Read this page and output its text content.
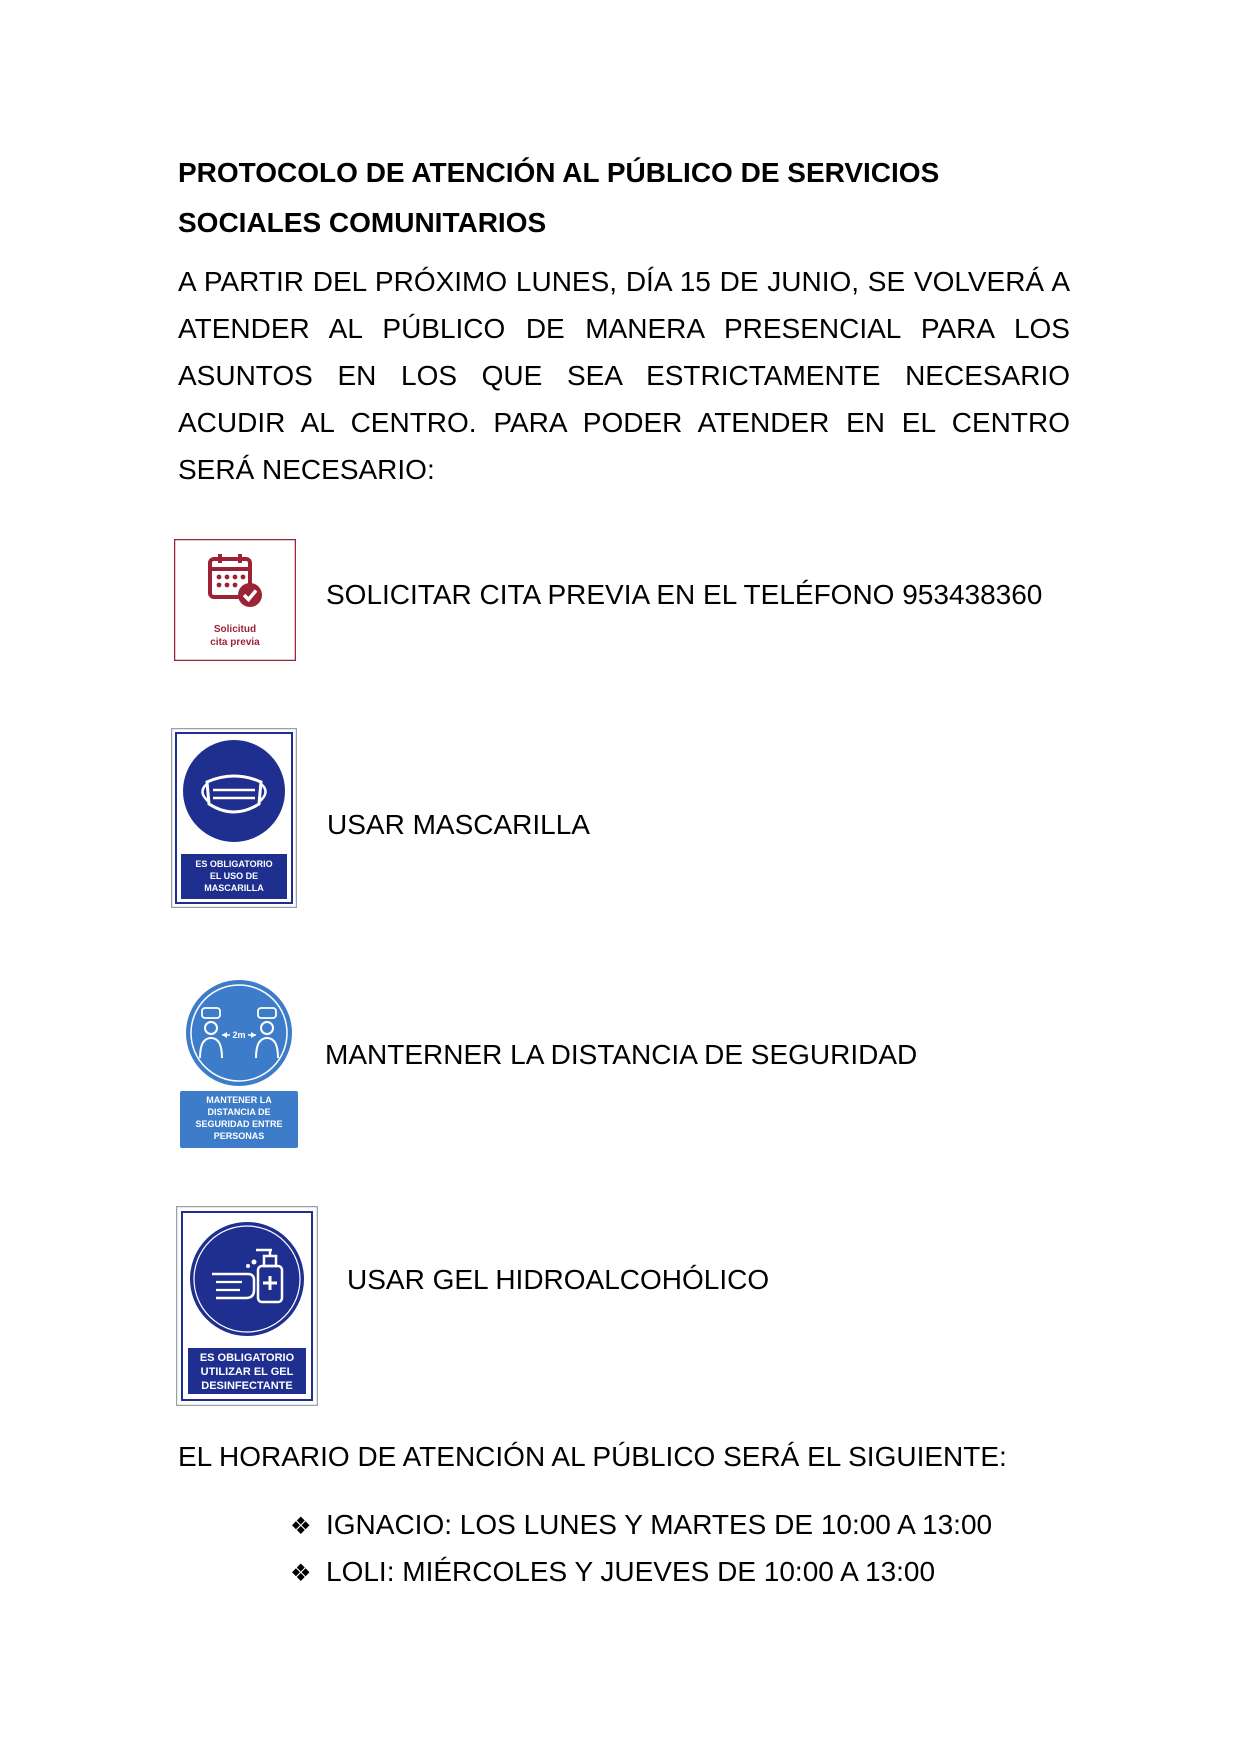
PROTOCOLO DE ATENCIÓN AL PÚBLICO DE SERVICIOS SOCIALES COMUNITARIOS
A PARTIR DEL PRÓXIMO LUNES, DÍA 15 DE JUNIO, SE VOLVERÁ A ATENDER AL PÚBLICO DE MANERA PRESENCIAL PARA LOS ASUNTOS EN LOS QUE SEA ESTRICTAMENTE NECESARIO ACUDIR AL CENTRO. PARA PODER ATENDER EN EL CENTRO SERÁ NECESARIO:
Solicitud
cita previa
SOLICITAR CITA PREVIA EN EL TELÉFONO 953438360
ES OBLIGATORIO
EL USO DE
MASCARILLA
USAR MASCARILLA
2m
MANTENER LA
DISTANCIA DE
SEGURIDAD ENTRE
PERSONAS
MANTERNER LA DISTANCIA DE SEGURIDAD
ES OBLIGATORIO
UTILIZAR EL GEL
DESINFECTANTE
USAR GEL HIDROALCOHÓLICO
EL HORARIO DE ATENCIÓN AL PÚBLICO SERÁ EL SIGUIENTE:
❖ IGNACIO: LOS LUNES Y MARTES DE 10:00 A 13:00
❖ LOLI: MIÉRCOLES Y JUEVES DE 10:00 A 13:00
